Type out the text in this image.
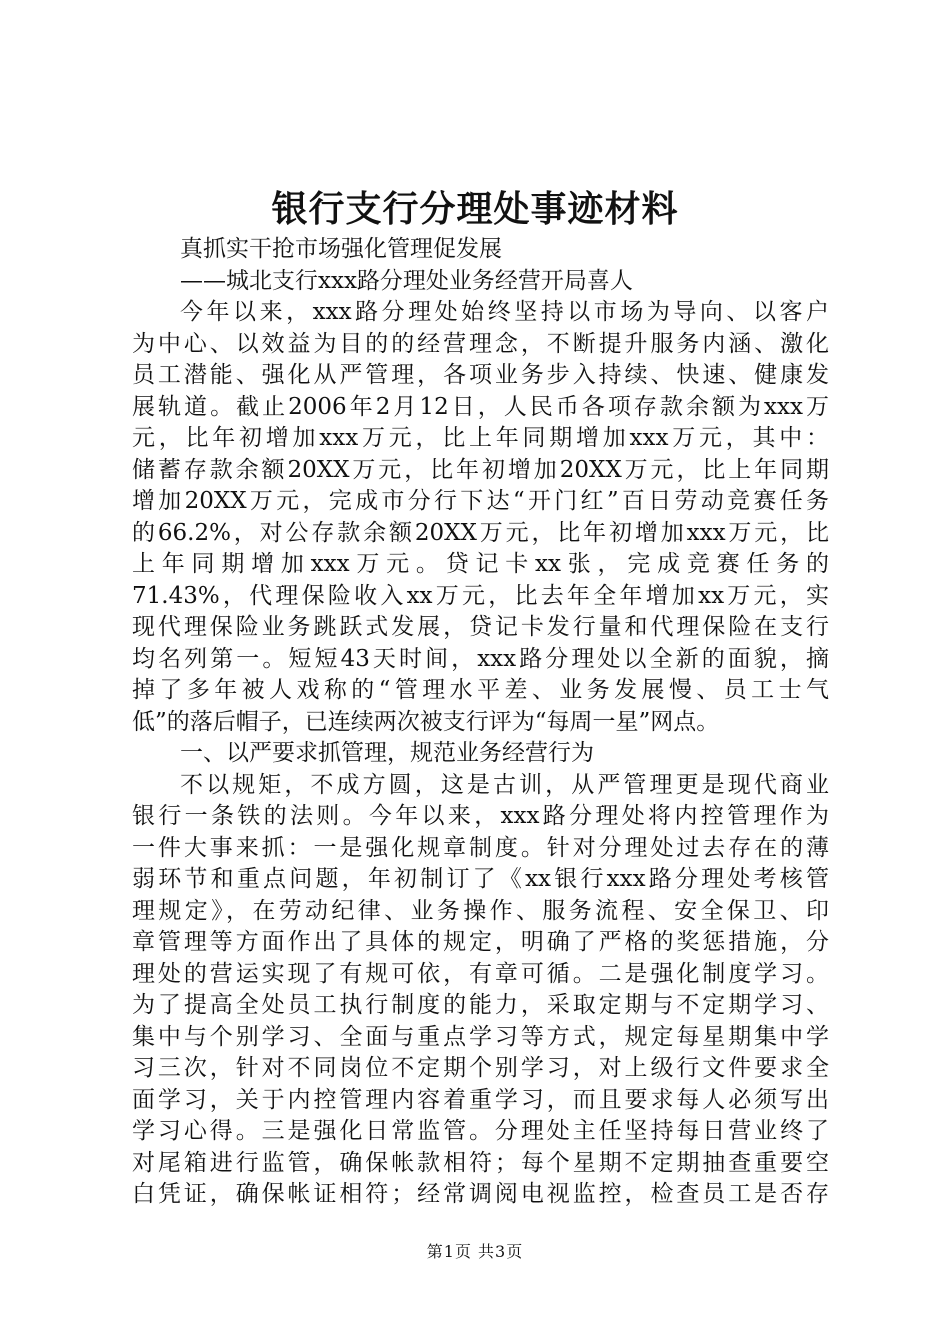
银行支行分理处事迹材料
真抓实干抢市场强化管理促发展
——城北支行xxx路分理处业务经营开局喜人
今年以来，xxx路分理处始终坚持以市场为导向、以客户
为中心、以效益为目的的经营理念，不断提升服务内涵、激化
员工潜能、强化从严管理，各项业务步入持续、快速、健康发
展轨道。截止2006年2月12日，人民币各项存款余额为xxx万
元，比年初增加xxx万元，比上年同期增加xxx万元，其中：
储蓄存款余额20XX万元，比年初增加20XX万元，比上年同期
增加20XX万元，完成市分行下达“开门红”百日劳动竞赛任务
的66.2%，对公存款余额20XX万元，比年初增加xxx万元，比
上年同期增加xxx万元。贷记卡xx张，完成竞赛任务的
71.43%，代理保险收入xx万元，比去年全年增加xx万元，实
现代理保险业务跳跃式发展，贷记卡发行量和代理保险在支行
均名列第一。短短43天时间，xxx路分理处以全新的面貌，摘
掉了多年被人戏称的“管理水平差、业务发展慢、员工士气
低”的落后帽子，已连续两次被支行评为“每周一星”网点。
一、以严要求抓管理，规范业务经营行为
不以规矩，不成方圆，这是古训，从严管理更是现代商业
银行一条铁的法则。今年以来，xxx路分理处将内控管理作为
一件大事来抓：一是强化规章制度。针对分理处过去存在的薄
弱环节和重点问题，年初制订了《xx银行xxx路分理处考核管
理规定》，在劳动纪律、业务操作、服务流程、安全保卫、印
章管理等方面作出了具体的规定，明确了严格的奖惩措施，分
理处的营运实现了有规可依，有章可循。二是强化制度学习。
为了提高全处员工执行制度的能力，采取定期与不定期学习、
集中与个别学习、全面与重点学习等方式，规定每星期集中学
习三次，针对不同岗位不定期个别学习，对上级行文件要求全
面学习，关于内控管理内容着重学习，而且要求每人必须写出
学习心得。三是强化日常监管。分理处主任坚持每日营业终了
对尾箱进行监管，确保帐款相符；每个星期不定期抽查重要空
白凭证，确保帐证相符；经常调阅电视监控，检查员工是否存
第1页 共3页
